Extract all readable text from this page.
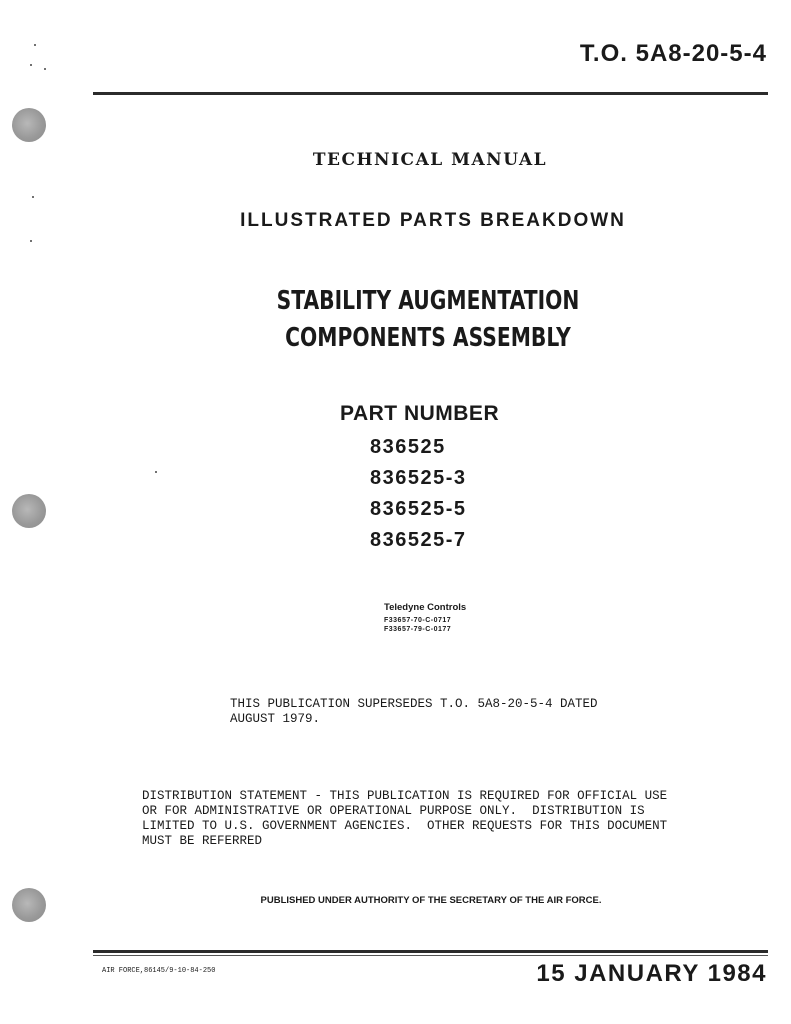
T.O. 5A8-20-5-4
TECHNICAL MANUAL
ILLUSTRATED PARTS BREAKDOWN
STABILITY AUGMENTATION
COMPONENTS ASSEMBLY
PART NUMBER
836525
836525-3
836525-5
836525-7
Teledyne Controls
F33657-70-C-0717
F33657-79-C-0177
THIS PUBLICATION SUPERSEDES T.O. 5A8-20-5-4 DATED
AUGUST 1979.
DISTRIBUTION STATEMENT - THIS PUBLICATION IS REQUIRED FOR OFFICIAL USE
OR FOR ADMINISTRATIVE OR OPERATIONAL PURPOSE ONLY.  DISTRIBUTION IS
LIMITED TO U.S. GOVERNMENT AGENCIES.  OTHER REQUESTS FOR THIS DOCUMENT
MUST BE REFERRED
PUBLISHED UNDER AUTHORITY OF THE SECRETARY OF THE AIR FORCE.
AIR FORCE,86145/9-10-84-250	15 JANUARY 1984
